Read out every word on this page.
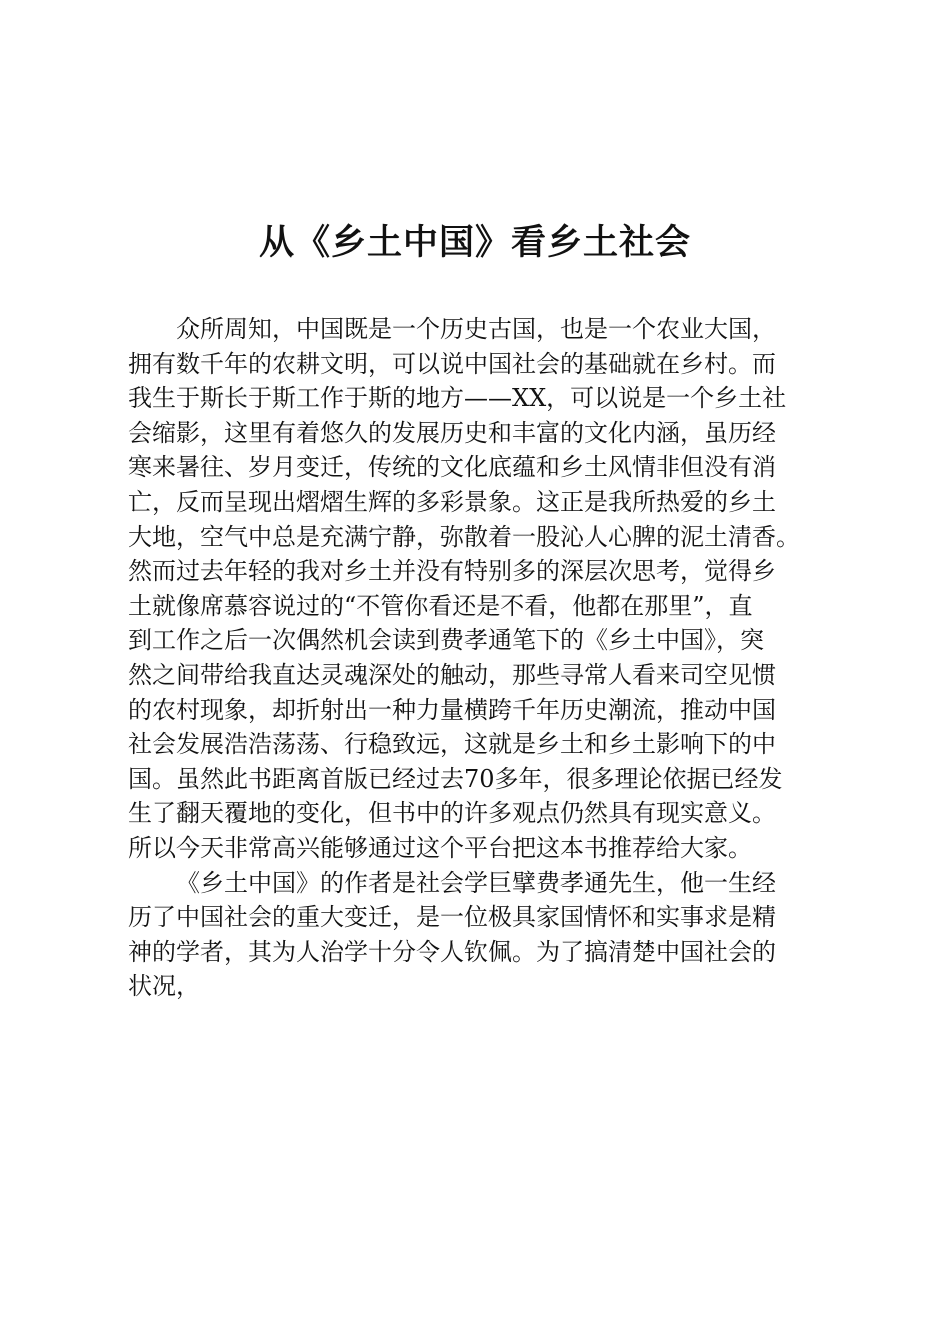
从《乡土中国》看乡土社会
众所周知，中国既是一个历史古国，也是一个农业大国，
拥有数千年的农耕文明，可以说中国社会的基础就在乡村。而
我生于斯长于斯工作于斯的地方——XX，可以说是一个乡土社
会缩影，这里有着悠久的发展历史和丰富的文化内涵，虽历经
寒来暑往、岁月变迁，传统的文化底蕴和乡土风情非但没有消
亡，反而呈现出熠熠生辉的多彩景象。这正是我所热爱的乡土
大地，空气中总是充满宁静，弥散着一股沁人心脾的泥土清香。
然而过去年轻的我对乡土并没有特别多的深层次思考，觉得乡
土就像席慕容说过的“不管你看还是不看，他都在那里”，直
到工作之后一次偶然机会读到费孝通笔下的《乡土中国》，突
然之间带给我直达灵魂深处的触动，那些寻常人看来司空见惯
的农村现象，却折射出一种力量横跨千年历史潮流，推动中国
社会发展浩浩荡荡、行稳致远，这就是乡土和乡土影响下的中
国。虽然此书距离首版已经过去70多年，很多理论依据已经发
生了翻天覆地的变化，但书中的许多观点仍然具有现实意义。
所以今天非常高兴能够通过这个平台把这本书推荐给大家。
《乡土中国》的作者是社会学巨擘费孝通先生，他一生经
历了中国社会的重大变迁，是一位极具家国情怀和实事求是精
神的学者，其为人治学十分令人钦佩。为了搞清楚中国社会的
状况，
